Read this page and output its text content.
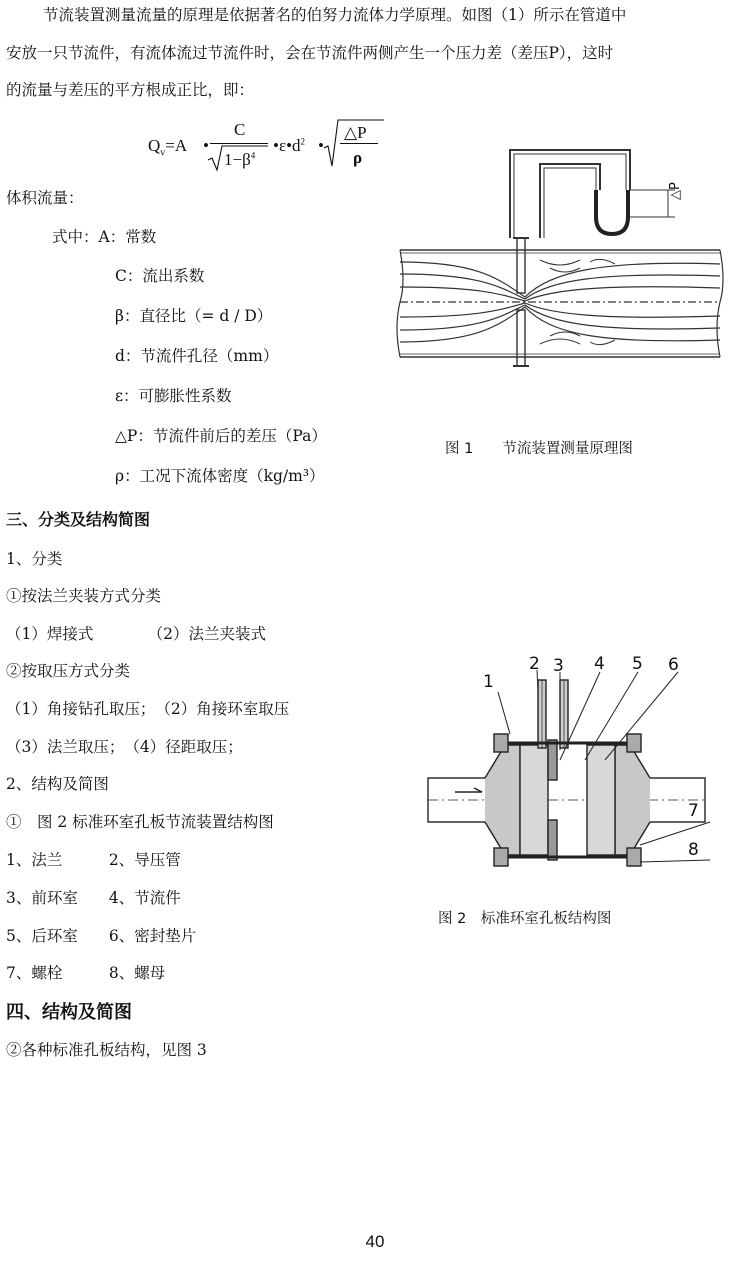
节流装置测量流量的原理是依据著名的伯努力流体力学原理。如图（1）所示在管道中
安放一只节流件，有流体流过节流件时，会在节流件两侧产生一个压力差（差压P），这时
的流量与差压的平方根成正比，即：
$Q_v=A$ •
C
$1-\beta^4$
$•\varepsilon•d^2$ •
△P
ρ
体积流量：
式中：A：常数
C：流出系数
β：直径比（= d / D）
d：节流件孔径（mm）
ε：可膨胀性系数
△P：节流件前后的差压（Pa）
ρ：工况下流体密度（kg/m³）
△P
图 1　　节流装置测量原理图
三、分类及结构简图
1、分类
①按法兰夹装方式分类
（1）焊接式　　　　（2）法兰夹装式
②按取压方式分类
（1）角接钻孔取压；　（2）角接环室取压
（3）法兰取压；　（4）径距取压；
2、结构及简图
①　图 2 标准环室孔板节流装置结构图
1、法兰　　　2、导压管
3、前环室　　4、节流件
5、后环室　　6、密封垫片
7、螺栓　　　8、螺母
1
2 3 4 5 6
7
8
图 2　标准环室孔板结构图
四、结构及简图
②各种标准孔板结构，见图 3
40
